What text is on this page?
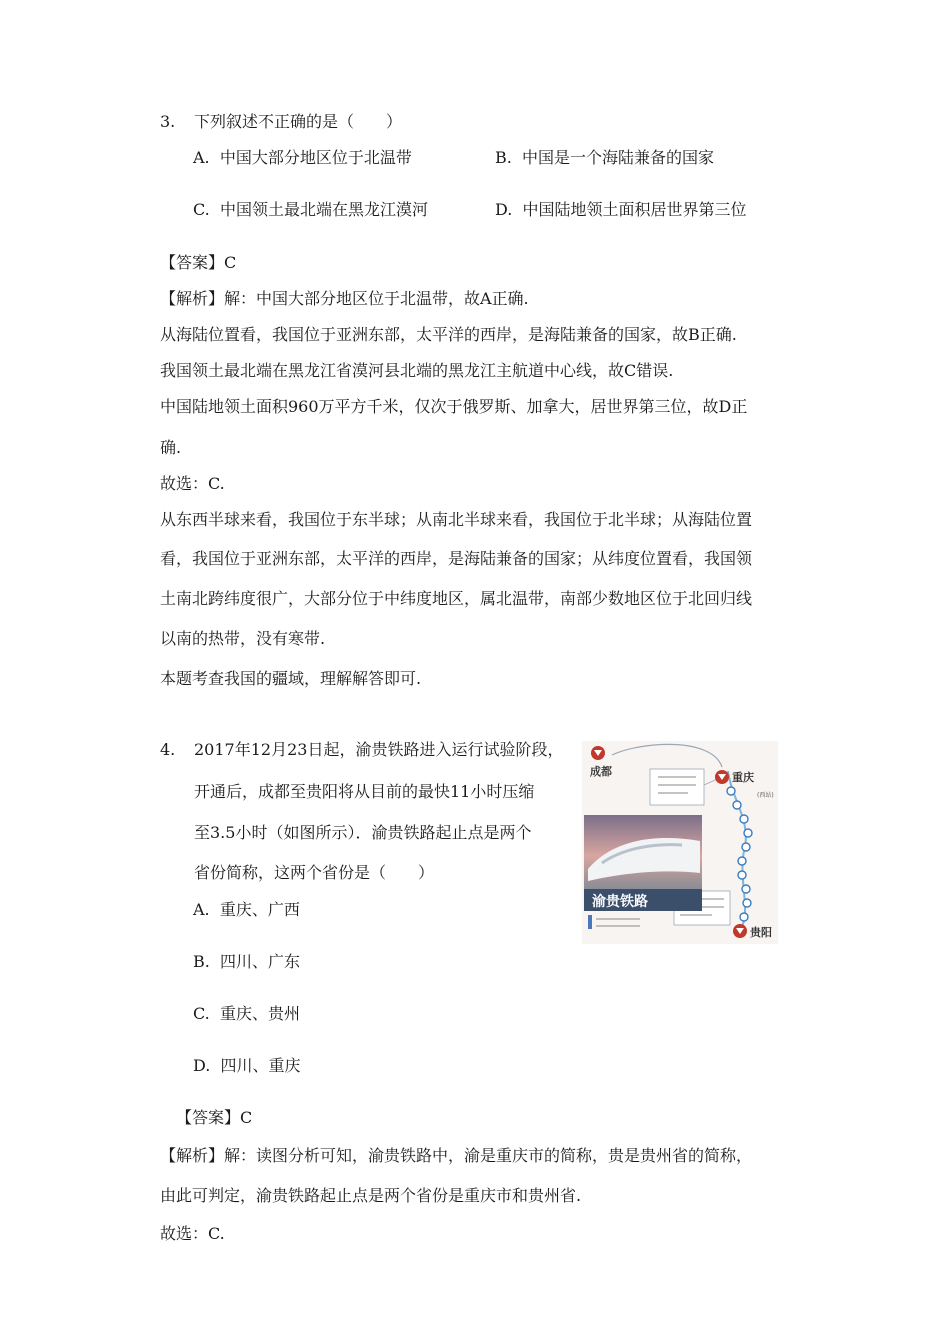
3. 下列叙述不正确的是（　　）
A. 中国大部分地区位于北温带	B. 中国是一个海陆兼备的国家
C. 中国领土最北端在黑龙江漠河	D. 中国陆地领土面积居世界第三位
【答案】C
【解析】解：中国大部分地区位于北温带，故A正确.
从海陆位置看，我国位于亚洲东部，太平洋的西岸，是海陆兼备的国家，故B正确.
我国领土最北端在黑龙江省漠河县北端的黑龙江主航道中心线，故C错误.
中国陆地领土面积960万平方千米，仅次于俄罗斯、加拿大，居世界第三位，故D正
确.
故选：C.
从东西半球来看，我国位于东半球；从南北半球来看，我国位于北半球；从海陆位置
看，我国位于亚洲东部，太平洋的西岸，是海陆兼备的国家；从纬度位置看，我国领
土南北跨纬度很广，大部分位于中纬度地区，属北温带，南部少数地区位于北回归线
以南的热带，没有寒带.
本题考查我国的疆域，理解解答即可.
4. 2017年12月23日起，渝贵铁路进入运行试验阶段，
开通后，成都至贵阳将从目前的最快11小时压缩
至3.5小时（如图所示）．渝贵铁路起止点是两个
省份简称，这两个省份是（　　）
A. 重庆、广西
B. 四川、广东
C. 重庆、贵州
D. 四川、重庆
【答案】C
【解析】解：读图分析可知，渝贵铁路中，渝是重庆市的简称，贵是贵州省的简称，
由此可判定，渝贵铁路起止点是两个省份是重庆市和贵州省.
故选：C.
成都	重庆
(西站)
贵阳
渝贵铁路
